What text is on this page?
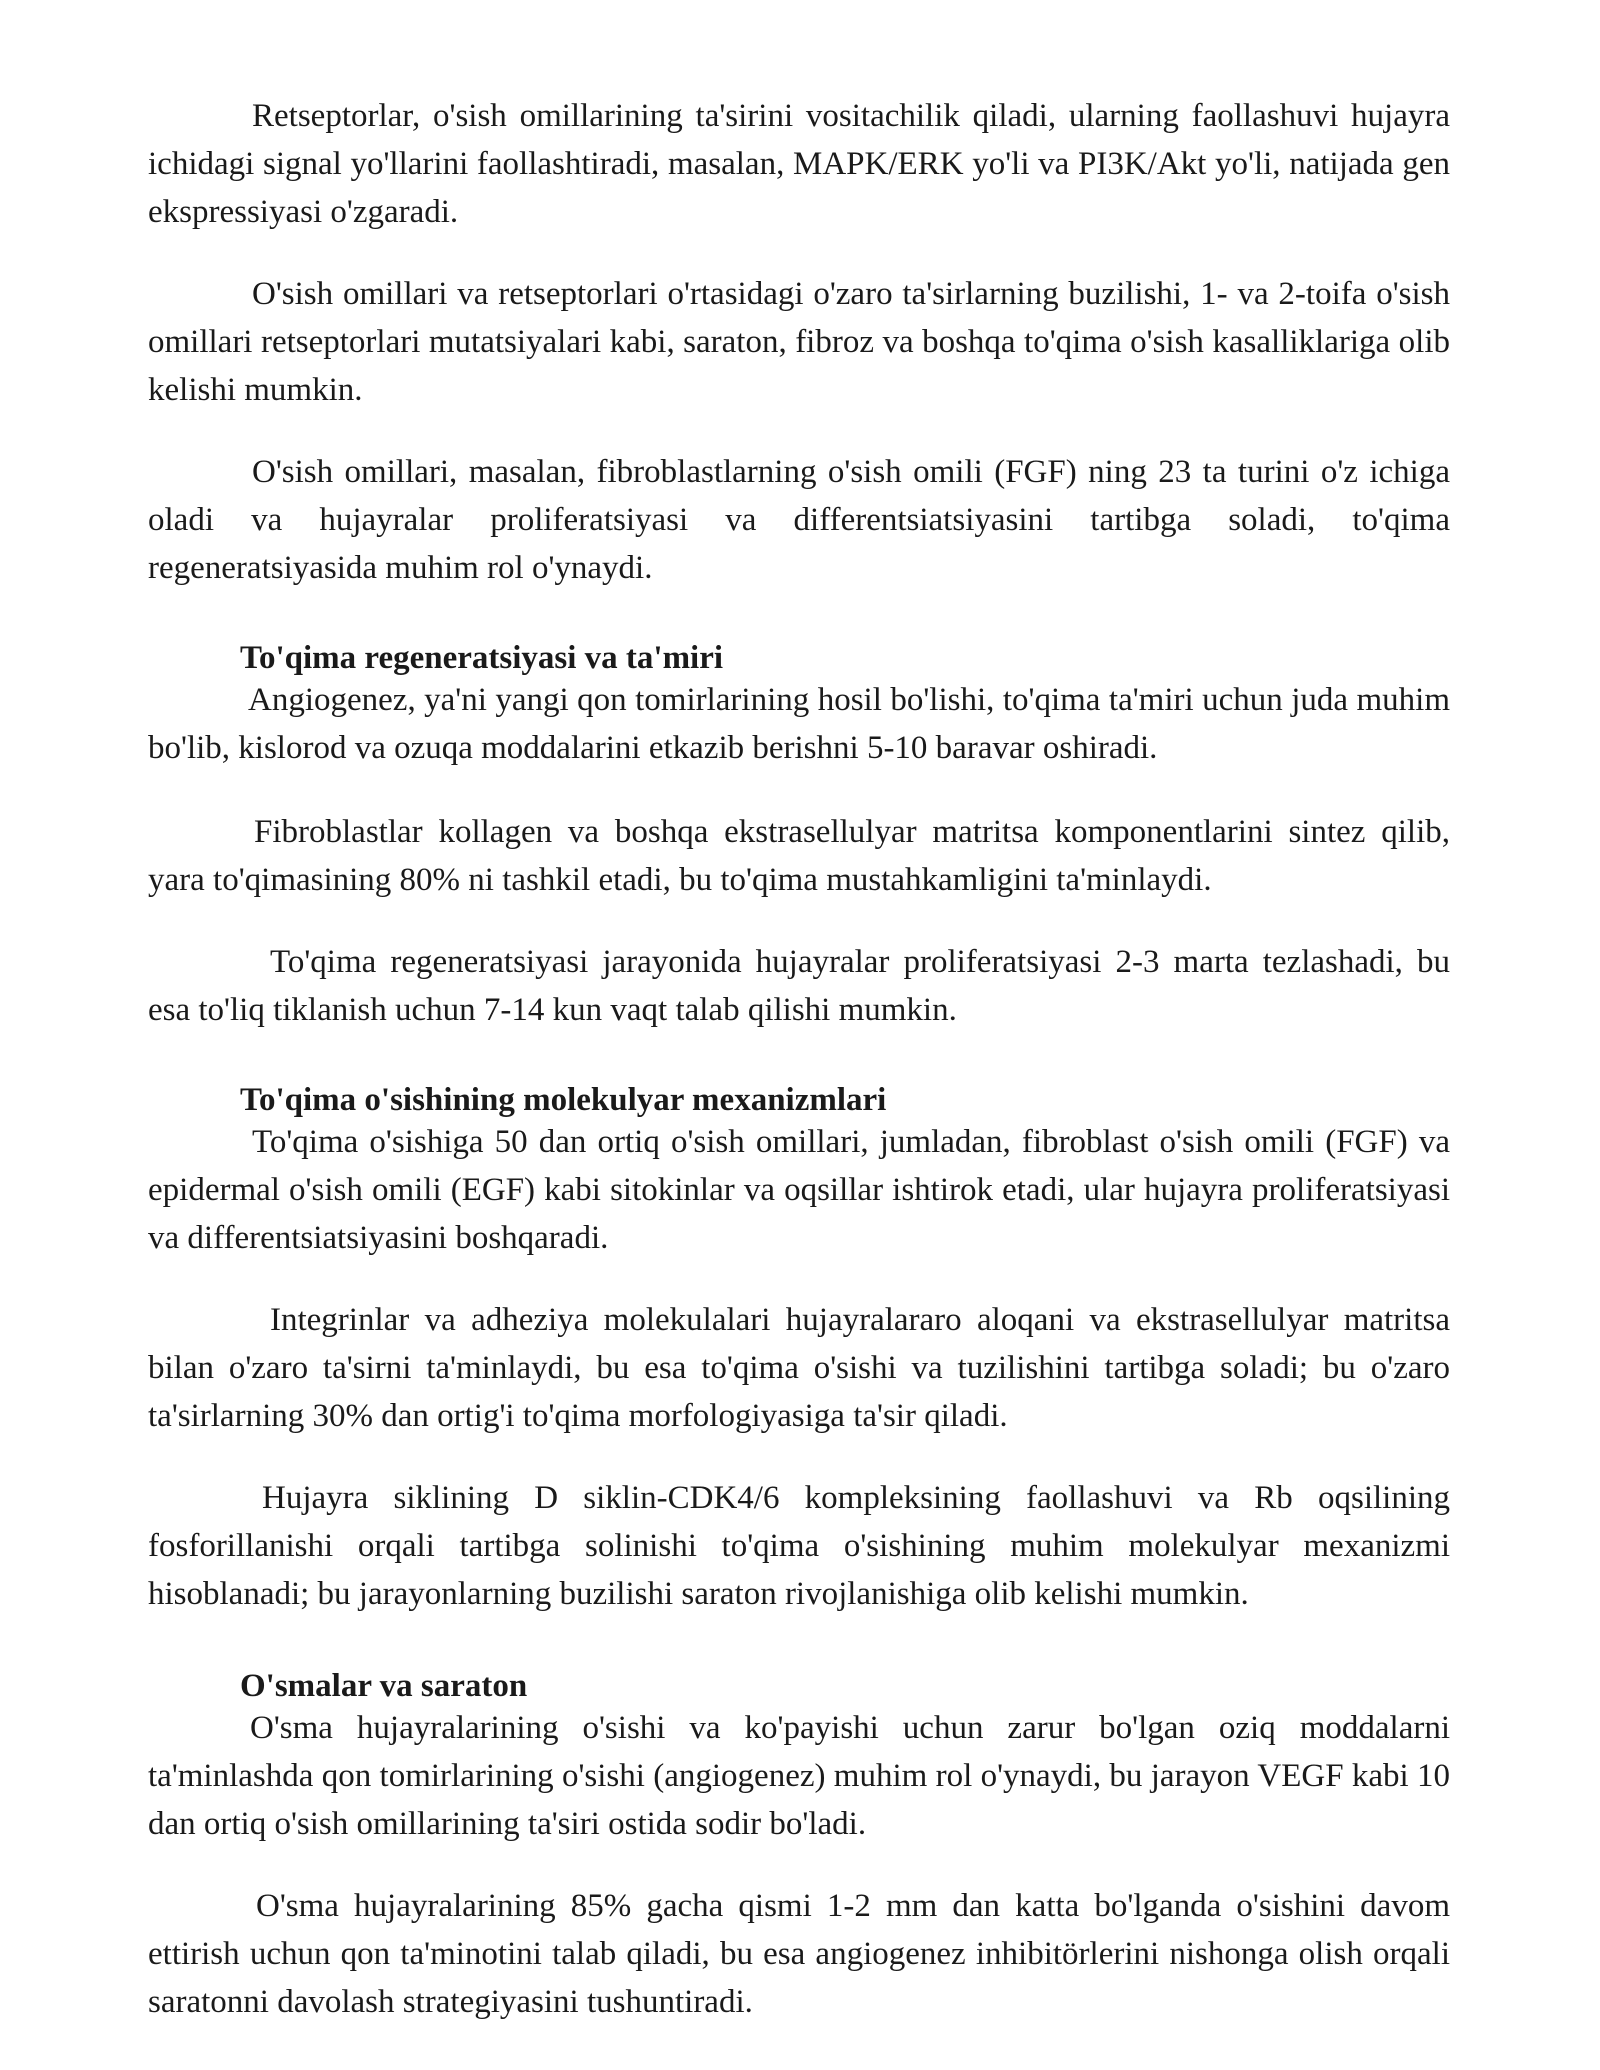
Retseptorlar, o'sish omillarining ta'sirini vositachilik qiladi, ularning faollashuvi hujayra ichidagi signal yo'llarini faollashtiradi, masalan, MAPK/ERK yo'li va PI3K/Akt yo'li, natijada gen ekspressiyasi o'zgaradi.

O'sish omillari va retseptorlari o'rtasidagi o'zaro ta'sirlarning buzilishi, 1- va 2-toifa o'sish omillari retseptorlari mutatsiyalari kabi, saraton, fibroz va boshqa to'qima o'sish kasalliklariga olib kelishi mumkin.

O'sish omillari, masalan, fibroblastlarning o'sish omili (FGF) ning 23 ta turini o'z ichiga oladi va hujayralar proliferatsiyasi va differentsiatsiyasini tartibga soladi, to'qima regeneratsiyasida muhim rol o'ynaydi.

To'qima regeneratsiyasi va ta'miri

Angiogenez, ya'ni yangi qon tomirlarining hosil bo'lishi, to'qima ta'miri uchun juda muhim bo'lib, kislorod va ozuqa moddalarini etkazib berishni 5-10 baravar oshiradi.

Fibroblastlar kollagen va boshqa ekstrasellulyar matritsa komponentlarini sintez qilib, yara to'qimasining 80% ni tashkil etadi, bu to'qima mustahkamligini ta'minlaydi.

To'qima regeneratsiyasi jarayonida hujayralar proliferatsiyasi 2-3 marta tezlashadi, bu esa to'liq tiklanish uchun 7-14 kun vaqt talab qilishi mumkin.

To'qima o'sishining molekulyar mexanizmlari

To'qima o'sishiga 50 dan ortiq o'sish omillari, jumladan, fibroblast o'sish omili (FGF) va epidermal o'sish omili (EGF) kabi sitokinlar va oqsillar ishtirok etadi, ular hujayra proliferatsiyasi va differentsiatsiyasini boshqaradi.

Integrinlar va adheziya molekulalari hujayralararo aloqani va ekstrasellulyar matritsa bilan o'zaro ta'sirni ta'minlaydi, bu esa to'qima o'sishi va tuzilishini tartibga soladi; bu o'zaro ta'sirlarning 30% dan ortig'i to'qima morfologiyasiga ta'sir qiladi.

Hujayra siklining D siklin-CDK4/6 kompleksining faollashuvi va Rb oqsilining fosforillanishi orqali tartibga solinishi to'qima o'sishining muhim molekulyar mexanizmi hisoblanadi; bu jarayonlarning buzilishi saraton rivojlanishiga olib kelishi mumkin.

O'smalar va saraton

O'sma hujayralarining o'sishi va ko'payishi uchun zarur bo'lgan oziq moddalarni ta'minlashda qon tomirlarining o'sishi (angiogenez) muhim rol o'ynaydi, bu jarayon VEGF kabi 10 dan ortiq o'sish omillarining ta'siri ostida sodir bo'ladi.

O'sma hujayralarining 85% gacha qismi 1-2 mm dan katta bo'lganda o'sishini davom ettirish uchun qon ta'minotini talab qiladi, bu esa angiogenez inhibitörlerini nishonga olish orqali saratonni davolash strategiyasini tushuntiradi.
